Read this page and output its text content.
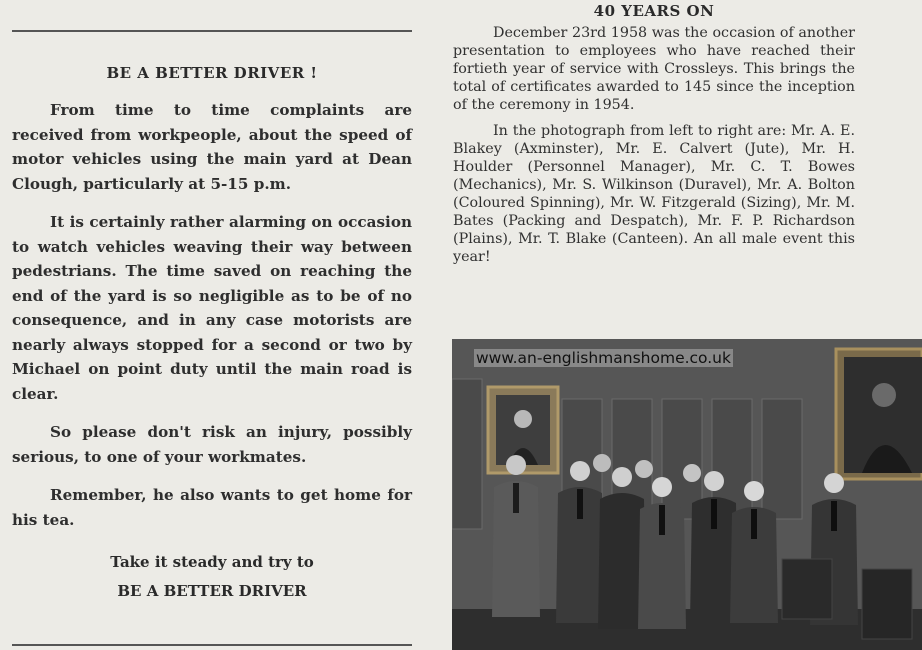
BE A BETTER DRIVER !

From time to time complaints are received from workpeople, about the speed of motor vehicles using the main yard at Dean Clough, particularly at 5-15 p.m.

It is certainly rather alarming on occasion to watch vehicles weaving their way between pedestrians. The time saved on reaching the end of the yard is so negligible as to be of no consequence, and in any case motorists are nearly always stopped for a second or two by Michael on point duty until the main road is clear.

So please don't risk an injury, possibly serious, to one of your workmates.

Remember, he also wants to get home for his tea.

Take it steady and try to
BE A BETTER DRIVER
40 YEARS ON

December 23rd 1958 was the occasion of another presentation to employees who have reached their fortieth year of service with Crossleys. This brings the total of certificates awarded to 145 since the inception of the ceremony in 1954.

In the photograph from left to right are: Mr. A. E. Blakey (Axminster), Mr. E. Calvert (Jute), Mr. H. Houlder (Personnel Manager), Mr. C. T. Bowes (Mechanics), Mr. S. Wilkinson (Duravel), Mr. A. Bolton (Coloured Spinning), Mr. W. Fitzgerald (Sizing), Mr. M. Bates (Packing and Despatch), Mr. F. P. Richardson (Plains), Mr. T. Blake (Canteen). An all male event this year!

www.an-englishmanshome.co.uk
